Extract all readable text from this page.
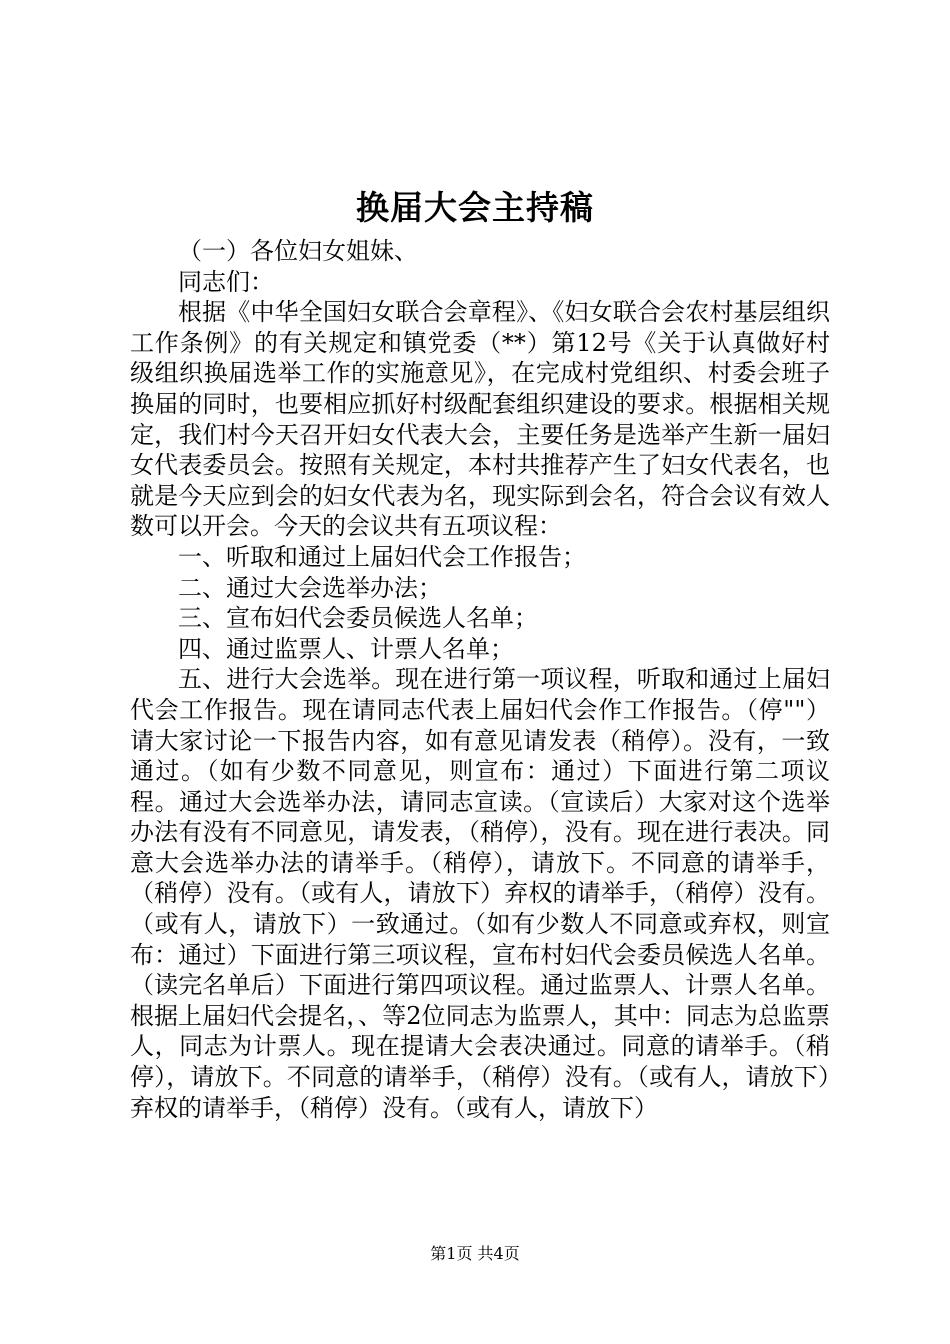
换届大会主持稿

（一）各位妇女姐妹、

同志们：

根据《中华全国妇女联合会章程》、《妇女联合会农村基层组织工作条例》的有关规定和镇党委（**）第12号《关于认真做好村级组织换届选举工作的实施意见》，在完成村党组织、村委会班子换届的同时，也要相应抓好村级配套组织建设的要求。根据相关规定，我们村今天召开妇女代表大会，主要任务是选举产生新一届妇女代表委员会。按照有关规定，本村共推荐产生了妇女代表名，也就是今天应到会的妇女代表为名，现实际到会名，符合会议有效人数可以开会。今天的会议共有五项议程：

一、听取和通过上届妇代会工作报告；

二、通过大会选举办法；

三、宣布妇代会委员候选人名单；

四、通过监票人、计票人名单；

五、进行大会选举。现在进行第一项议程，听取和通过上届妇代会工作报告。现在请同志代表上届妇代会作工作报告。（停""）请大家讨论一下报告内容，如有意见请发表（稍停）。没有，一致通过。（如有少数不同意见，则宣布：通过）下面进行第二项议程。通过大会选举办法，请同志宣读。（宣读后）大家对这个选举办法有没有不同意见，请发表，（稍停），没有。现在进行表决。同意大会选举办法的请举手。（稍停），请放下。不同意的请举手，（稍停）没有。（或有人，请放下）弃权的请举手，（稍停）没有。（或有人，请放下）一致通过。（如有少数人不同意或弃权，则宣布：通过）下面进行第三项议程，宣布村妇代会委员候选人名单。（读完名单后）下面进行第四项议程。通过监票人、计票人名单。根据上届妇代会提名，、等2位同志为监票人，其中：同志为总监票人，同志为计票人。现在提请大会表决通过。同意的请举手。（稍停），请放下。不同意的请举手，（稍停）没有。（或有人，请放下）弃权的请举手，（稍停）没有。（或有人，请放下）

第1页 共4页
